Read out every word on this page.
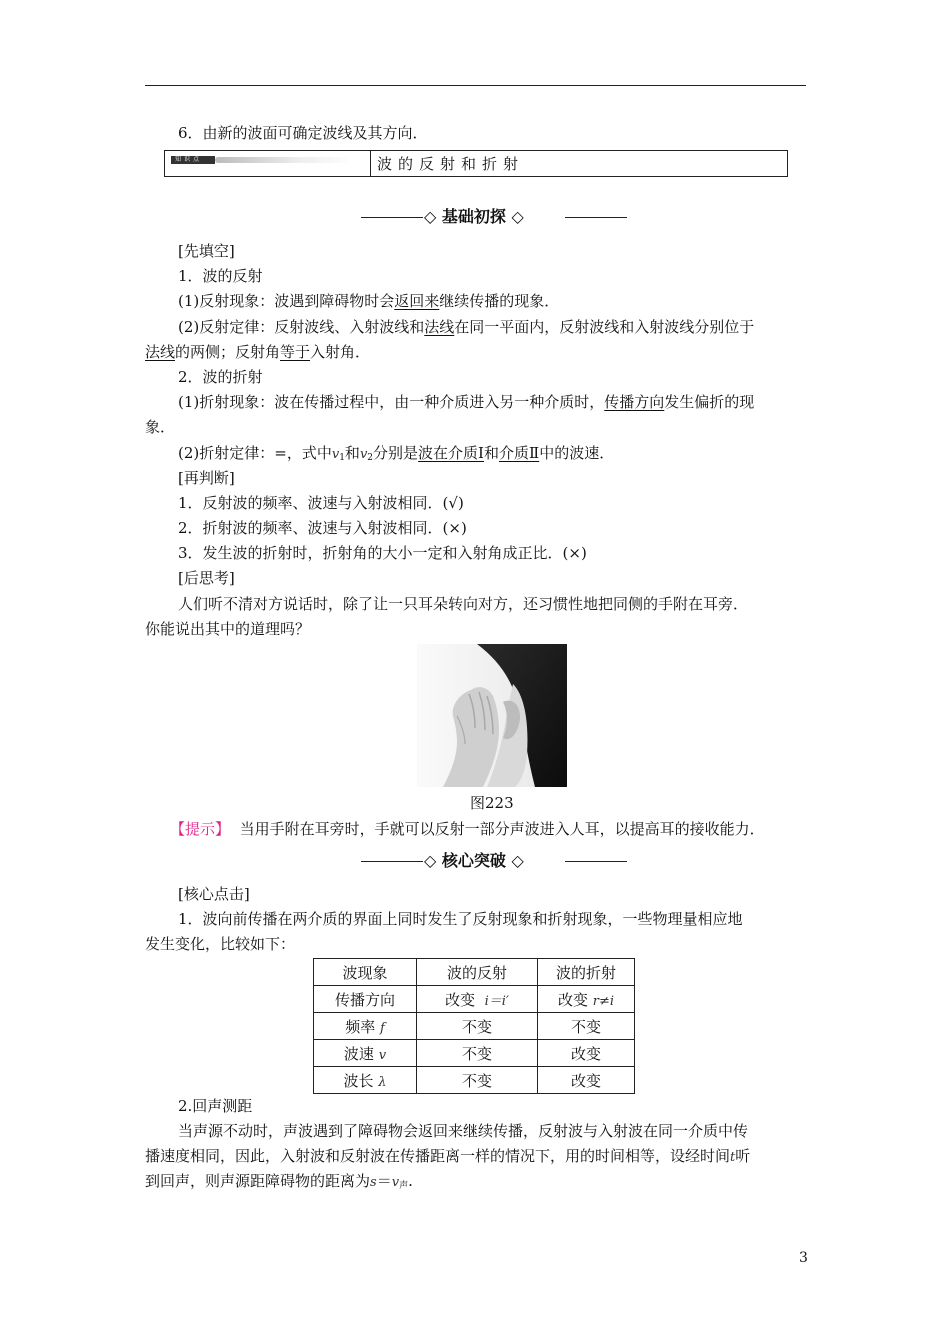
6．由新的波面可确定波线及其方向．
知识点	波的反射和折射
◇ 基础初探 ◇
[先填空]
1．波的反射
(1)反射现象：波遇到障碍物时会返回来继续传播的现象．
(2)反射定律：反射波线、入射波线和法线在同一平面内，反射波线和入射波线分别位于
法线的两侧；反射角等于入射角．
2．波的折射
(1)折射现象：波在传播过程中，由一种介质进入另一种介质时，传播方向发生偏折的现
象．
(2)折射定律：=，式中$v_1$和$v_2$分别是波在介质Ⅰ和介质Ⅱ中的波速．
[再判断]
1．反射波的频率、波速与入射波相同．(√)
2．折射波的频率、波速与入射波相同．(×)
3．发生波的折射时，折射角的大小一定和入射角成正比．(×)
[后思考]
人们听不清对方说话时，除了让一只耳朵转向对方，还习惯性地把同侧的手附在耳旁．
你能说出其中的道理吗？
图223
【提示】 当用手附在耳旁时，手就可以反射一部分声波进入人耳，以提高耳的接收能力．
◇ 核心突破 ◇
[核心点击]
1．波向前传播在两介质的界面上同时发生了反射现象和折射现象，一些物理量相应地
发生变化，比较如下：
波现象	波的反射	波的折射
传播方向	改变 i＝i′	改变 r≠i
频率 f	不变	不变
波速 v	不变	改变
波长 λ	不变	改变
2.回声测距
当声源不动时，声波遇到了障碍物会返回来继续传播，反射波与入射波在同一介质中传
播速度相同，因此，入射波和反射波在传播距离一样的情况下，用的时间相等，设经时间t听
到回声，则声源距障碍物的距离为$s=v_声$.
3
